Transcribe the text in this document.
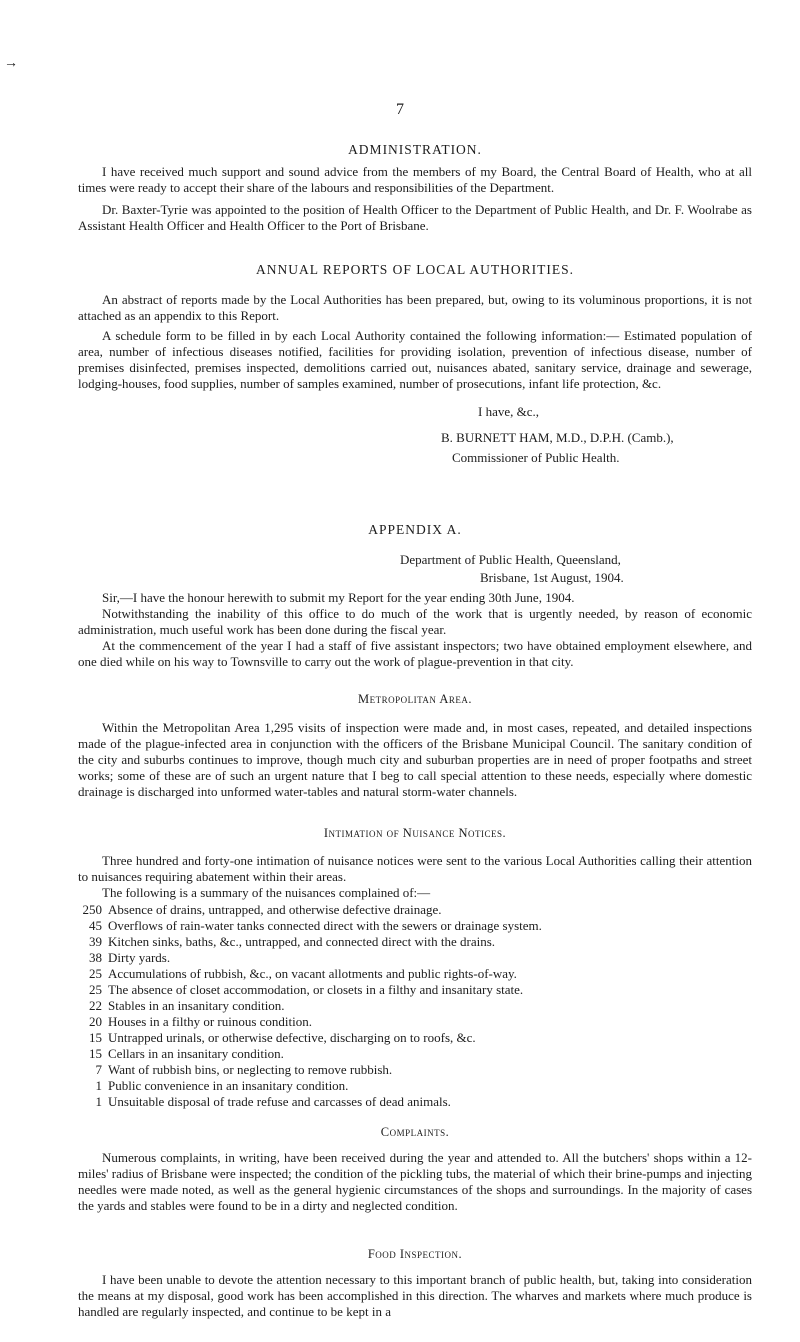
→
7
ADMINISTRATION.

I have received much support and sound advice from the members of my Board, the Central Board of Health, who at all times were ready to accept their share of the labours and responsibilities of the Department.

Dr. Baxter-Tyrie was appointed to the position of Health Officer to the Department of Public Health, and Dr. F. Woolrabe as Assistant Health Officer and Health Officer to the Port of Brisbane.

ANNUAL REPORTS OF LOCAL AUTHORITIES.

An abstract of reports made by the Local Authorities has been prepared, but, owing to its voluminous proportions, it is not attached as an appendix to this Report.

A schedule form to be filled in by each Local Authority contained the following information:— Estimated population of area, number of infectious diseases notified, facilities for providing isolation, prevention of infectious disease, number of premises disinfected, premises inspected, demolitions carried out, nuisances abated, sanitary service, drainage and sewerage, lodging-houses, food supplies, number of samples examined, number of prosecutions, infant life protection, &c.

I have, &c.,
B. BURNETT HAM, M.D., D.P.H. (Camb.),
Commissioner of Public Health.
APPENDIX A.
Department of Public Health, Queensland,
Brisbane, 1st August, 1904.

Sir,—I have the honour herewith to submit my Report for the year ending 30th June, 1904.

Notwithstanding the inability of this office to do much of the work that is urgently needed, by reason of economic administration, much useful work has been done during the fiscal year.

At the commencement of the year I had a staff of five assistant inspectors; two have obtained employment elsewhere, and one died while on his way to Townsville to carry out the work of plague-prevention in that city.

Metropolitan Area.

Within the Metropolitan Area 1,295 visits of inspection were made and, in most cases, repeated, and detailed inspections made of the plague-infected area in conjunction with the officers of the Brisbane Municipal Council. The sanitary condition of the city and suburbs continues to improve, though much city and suburban properties are in need of proper footpaths and street works; some of these are of such an urgent nature that I beg to call special attention to these needs, especially where domestic drainage is discharged into unformed water-tables and natural storm-water channels.

Intimation of Nuisance Notices.

Three hundred and forty-one intimation of nuisance notices were sent to the various Local Authorities calling their attention to nuisances requiring abatement within their areas.

The following is a summary of the nuisances complained of:—

250 Absence of drains, untrapped, and otherwise defective drainage.
45 Overflows of rain-water tanks connected direct with the sewers or drainage system.
39 Kitchen sinks, baths, &c., untrapped, and connected direct with the drains.
38 Dirty yards.
25 Accumulations of rubbish, &c., on vacant allotments and public rights-of-way.
25 The absence of closet accommodation, or closets in a filthy and insanitary state.
22 Stables in an insanitary condition.
20 Houses in a filthy or ruinous condition.
15 Untrapped urinals, or otherwise defective, discharging on to roofs, &c.
15 Cellars in an insanitary condition.
7 Want of rubbish bins, or neglecting to remove rubbish.
1 Public convenience in an insanitary condition.
1 Unsuitable disposal of trade refuse and carcasses of dead animals.
Complaints.

Numerous complaints, in writing, have been received during the year and attended to. All the butchers' shops within a 12-miles' radius of Brisbane were inspected; the condition of the pickling tubs, the material of which their brine-pumps and injecting needles were made noted, as well as the general hygienic circumstances of the shops and surroundings. In the majority of cases the yards and stables were found to be in a dirty and neglected condition.

Food Inspection.

I have been unable to devote the attention necessary to this important branch of public health, but, taking into consideration the means at my disposal, good work has been accomplished in this direction. The wharves and markets where much produce is handled are regularly inspected, and continue to be kept in a
